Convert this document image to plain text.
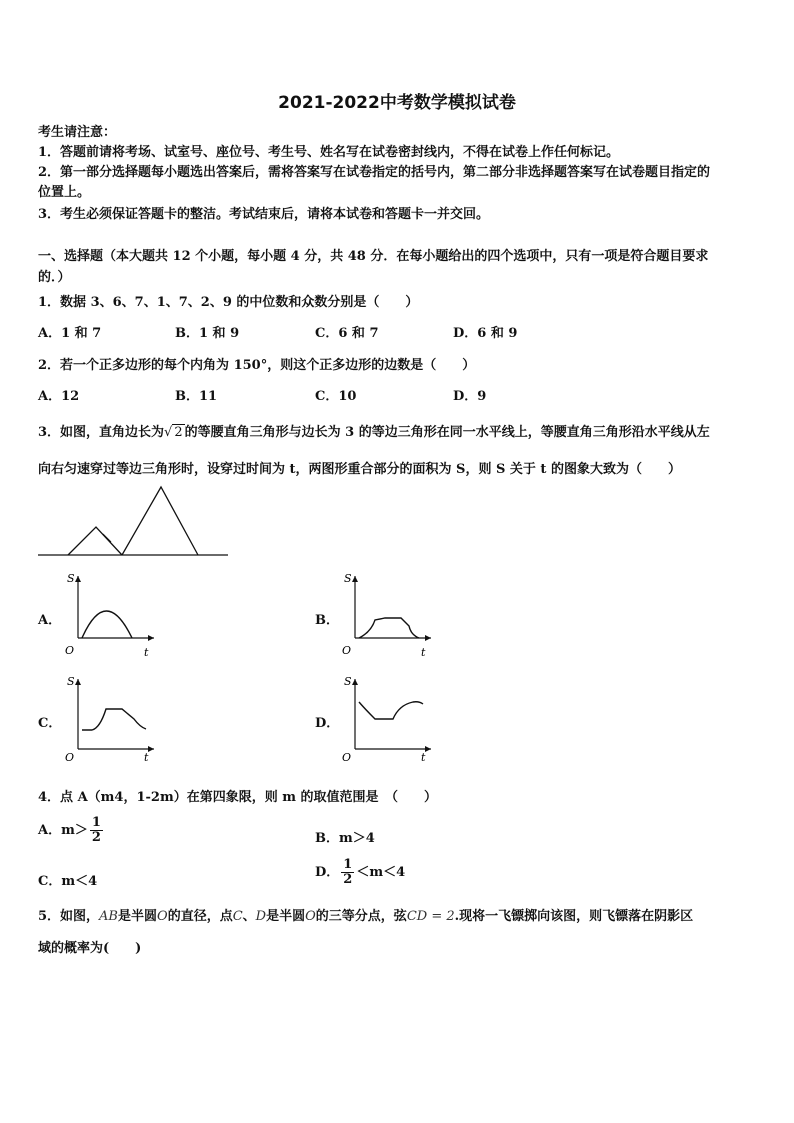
2021-2022中考数学模拟试卷
考生请注意：
1．答题前请将考场、试室号、座位号、考生号、姓名写在试卷密封线内，不得在试卷上作任何标记。
2．第一部分选择题每小题选出答案后，需将答案写在试卷指定的括号内，第二部分非选择题答案写在试卷题目指定的
位置上。
3．考生必须保证答题卡的整洁。考试结束后，请将本试卷和答题卡一并交回。
一、选择题（本大题共 12 个小题，每小题 4 分，共 48 分．在每小题给出的四个选项中，只有一项是符合题目要求
的．）
1．数据 3、6、7、1、7、2、9 的中位数和众数分别是（　　）
A．1 和 7	B．1 和 9	C．6 和 7	D．6 和 9
2．若一个正多边形的每个内角为 150°，则这个正多边形的边数是（　　）
A．12	B．11	C．10	D．9
3．如图，直角边长为√ 2 的等腰直角三角形与边长为 3 的等边三角形在同一水平线上，等腰直角三角形沿水平线从左
向右匀速穿过等边三角形时，设穿过时间为 t，两图形重合部分的面积为 S，则 S 关于 t 的图象大致为（　　）
A．
S
O	t
B．
S
O	t
C．
S
O	t
D．
S
O	t
4．点 A（m4，1-2m）在第四象限，则 m 的取值范围是　（　　）
A．$m> \frac{1}{2}$	B．m＞4
C．m＜4
D． $\frac{1}{2} <m<4$
5．如图，AB是半圆O的直径，点C、D是半圆O的三等分点，弦CD = 2.现将一飞镖掷向该图，则飞镖落在阴影区
域的概率为(　　)
